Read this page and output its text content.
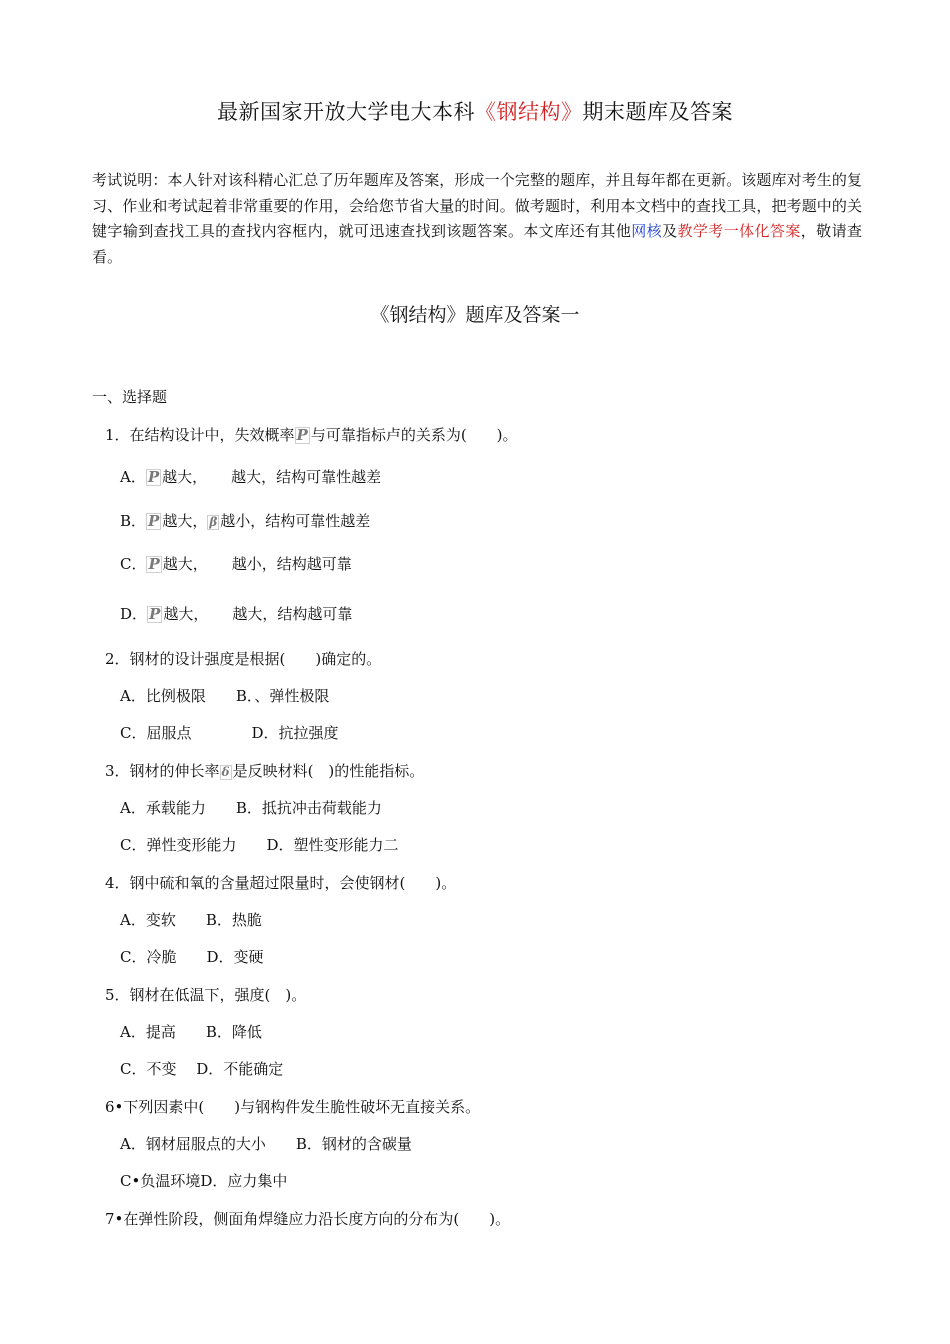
最新国家开放大学电大本科《钢结构》期末题库及答案
考试说明：本人针对该科精心汇总了历年题库及答案，形成一个完整的题库，并且每年都在更新。该题库对考生的复习、作业和考试起着非常重要的作用，会给您节省大量的时间。做考题时，利用本文档中的查找工具，把考题中的关键字输到查找工具的查找内容框内，就可迅速查找到该题答案。本文库还有其他网核及教学考一体化答案，敬请查看。
《钢结构》题库及答案一
一、选择题
1．在结构设计中，失效概率 P 与可靠指标卢的关系为(　　)。
A． P 越大， 越大，结构可靠性越差
B． P 越大， β 越小，结构可靠性越差
C． P 越大， 越小，结构越可靠
D． P 越大， 越大，结构越可靠
2．钢材的设计强度是根据(　　)确定的。
A．比例极限　　B．、弹性极限
C．屈服点　　　　D．抗拉强度
3．钢材的伸长率 δ 是反映材料(　)的性能指标。
A．承载能力　　B．抵抗冲击荷载能力
C．弹性变形能力　　D．塑性变形能力二
4．钢中硫和氧的含量超过限量时，会使钢材(　　)。
A．变软　　B．热脆
C．冷脆　　D．变硬
5．钢材在低温下，强度(　)。
A．提高　　B．降低
C．不变　 D．不能确定
6•下列因素中(　　)与钢构件发生脆性破坏无直接关系。
A．钢材屈服点的大小　　B．钢材的含碳量
C•负温环境D．应力集中
7•在弹性阶段，侧面角焊缝应力沿长度方向的分布为(　　)。
